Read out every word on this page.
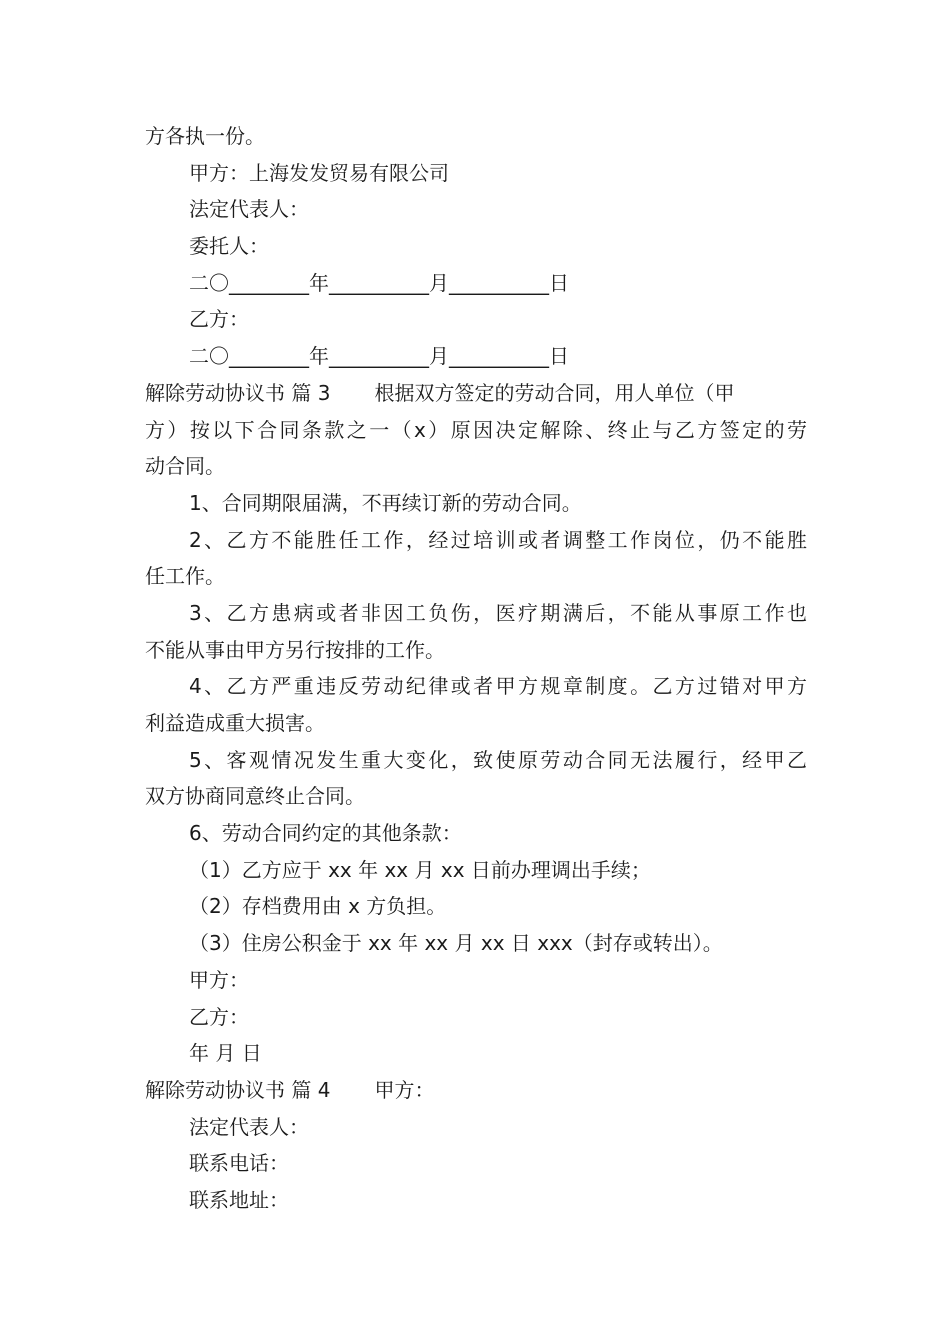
方各执一份。
甲方：上海发发贸易有限公司
法定代表人：
委托人：
二〇________年__________月__________日
乙方：
二〇________年__________月__________日
解除劳动协议书 篇 3 根据双方签定的劳动合同，用人单位（甲
方）按以下合同条款之一（x）原因决定解除、终止与乙方签定的劳
动合同。
1、合同期限届满，不再续订新的劳动合同。
2、乙方不能胜任工作，经过培训或者调整工作岗位，仍不能胜
任工作。
3、乙方患病或者非因工负伤，医疗期满后，不能从事原工作也
不能从事由甲方另行按排的工作。
4、乙方严重违反劳动纪律或者甲方规章制度。乙方过错对甲方
利益造成重大损害。
5、客观情况发生重大变化，致使原劳动合同无法履行，经甲乙
双方协商同意终止合同。
6、劳动合同约定的其他条款：
（1）乙方应于 xx 年 xx 月 xx 日前办理调出手续；
（2）存档费用由 x 方负担。
（3）住房公积金于 xx 年 xx 月 xx 日 xxx（封存或转出）。
甲方：
乙方：
年 月 日
解除劳动协议书 篇 4 甲方：
法定代表人：
联系电话：
联系地址：
